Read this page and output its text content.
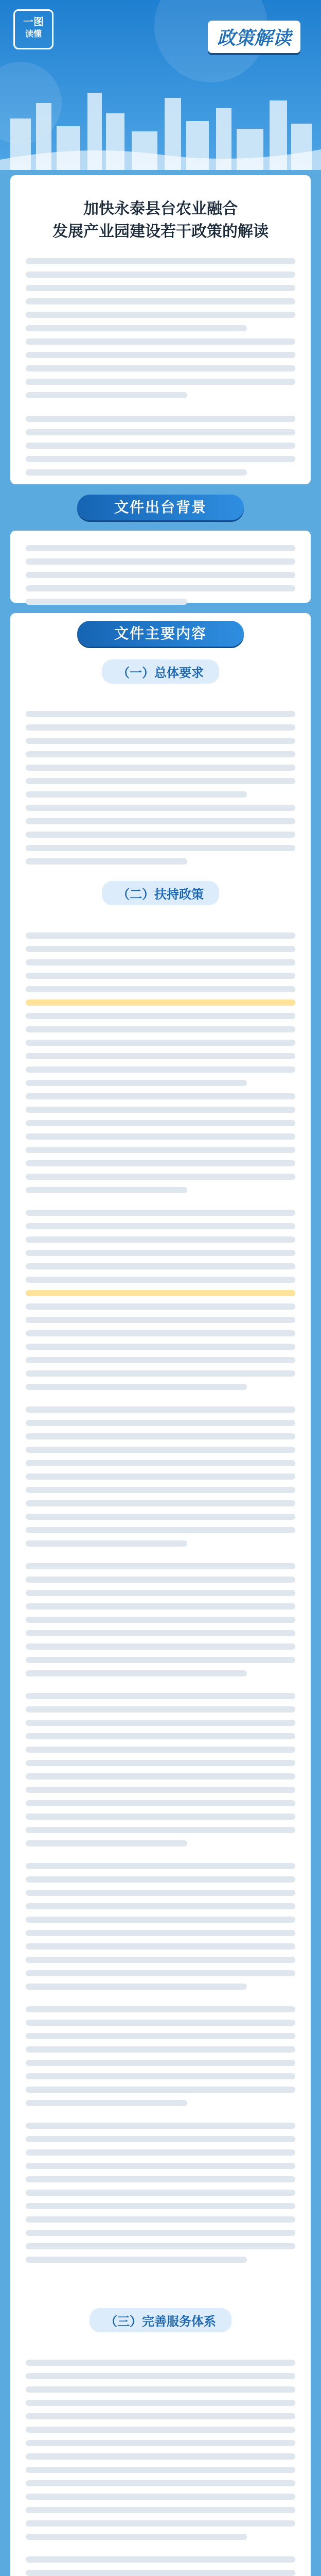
一图
读懂	政策解读
加快永泰县台农业融合
发展产业园建设若干政策的解读
文件出台背景
（一）总体要求
（二）扶持政策
（三）完善服务体系
文件主要内容
